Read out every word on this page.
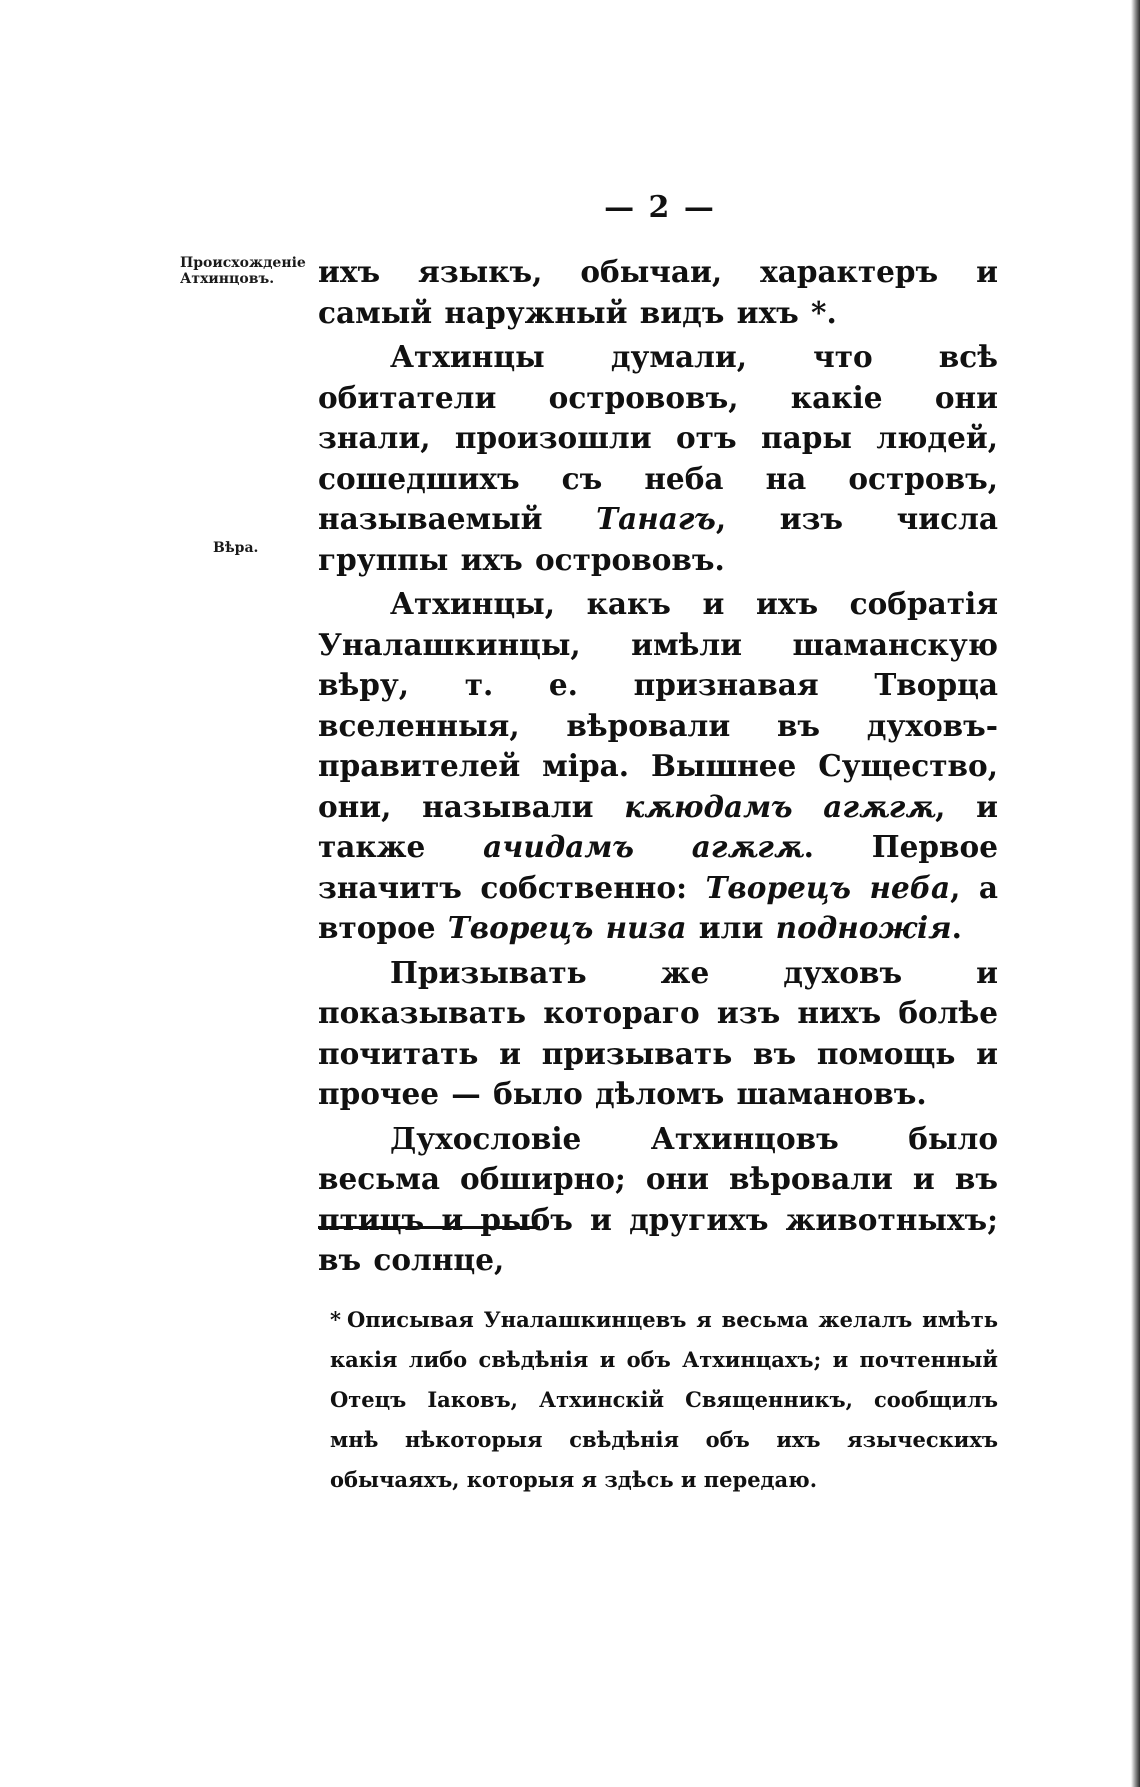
— 2 —
Происхожденіе Атхинцовъ.
Вѣра.

ихъ языкъ, обычаи, характеръ и самый наружный видъ ихъ *.

Атхинцы думали, что всѣ обитатели острововъ, какіе они знали, произошли отъ пары людей, сошедшихъ съ неба на островъ, называемый Танагъ, изъ числа группы ихъ острововъ.

Атхинцы, какъ и ихъ собратія Уналашкинцы, имѣли шаманскую вѣру, т. е. признавая Творца вселенныя, вѣровали въ духовъ-правителей міра. Вышнее Существо, они, называли кѫюдамъ агѫгѫ, и также ачидамъ агѫгѫ. Первое значитъ собственно: Творецъ неба, а второе Творецъ низа или подножія.

Призывать же духовъ и показывать котораго изъ нихъ болѣе почитать и призывать въ помощь и прочее — было дѣломъ шамановъ.

Духословіе Атхинцовъ было весьма обширно; они вѣровали и въ птицъ и рыбъ и другихъ животныхъ; въ солнце,

* Описывая Уналашкинцевъ я весьма желалъ имѣть какія либо свѣдѣнія и объ Атхинцахъ; и почтенный Отецъ Іаковъ, Атхинскій Священникъ, сообщилъ мнѣ нѣкоторыя свѣдѣнія объ ихъ языческихъ обычаяхъ, которыя я здѣсь и передаю.
